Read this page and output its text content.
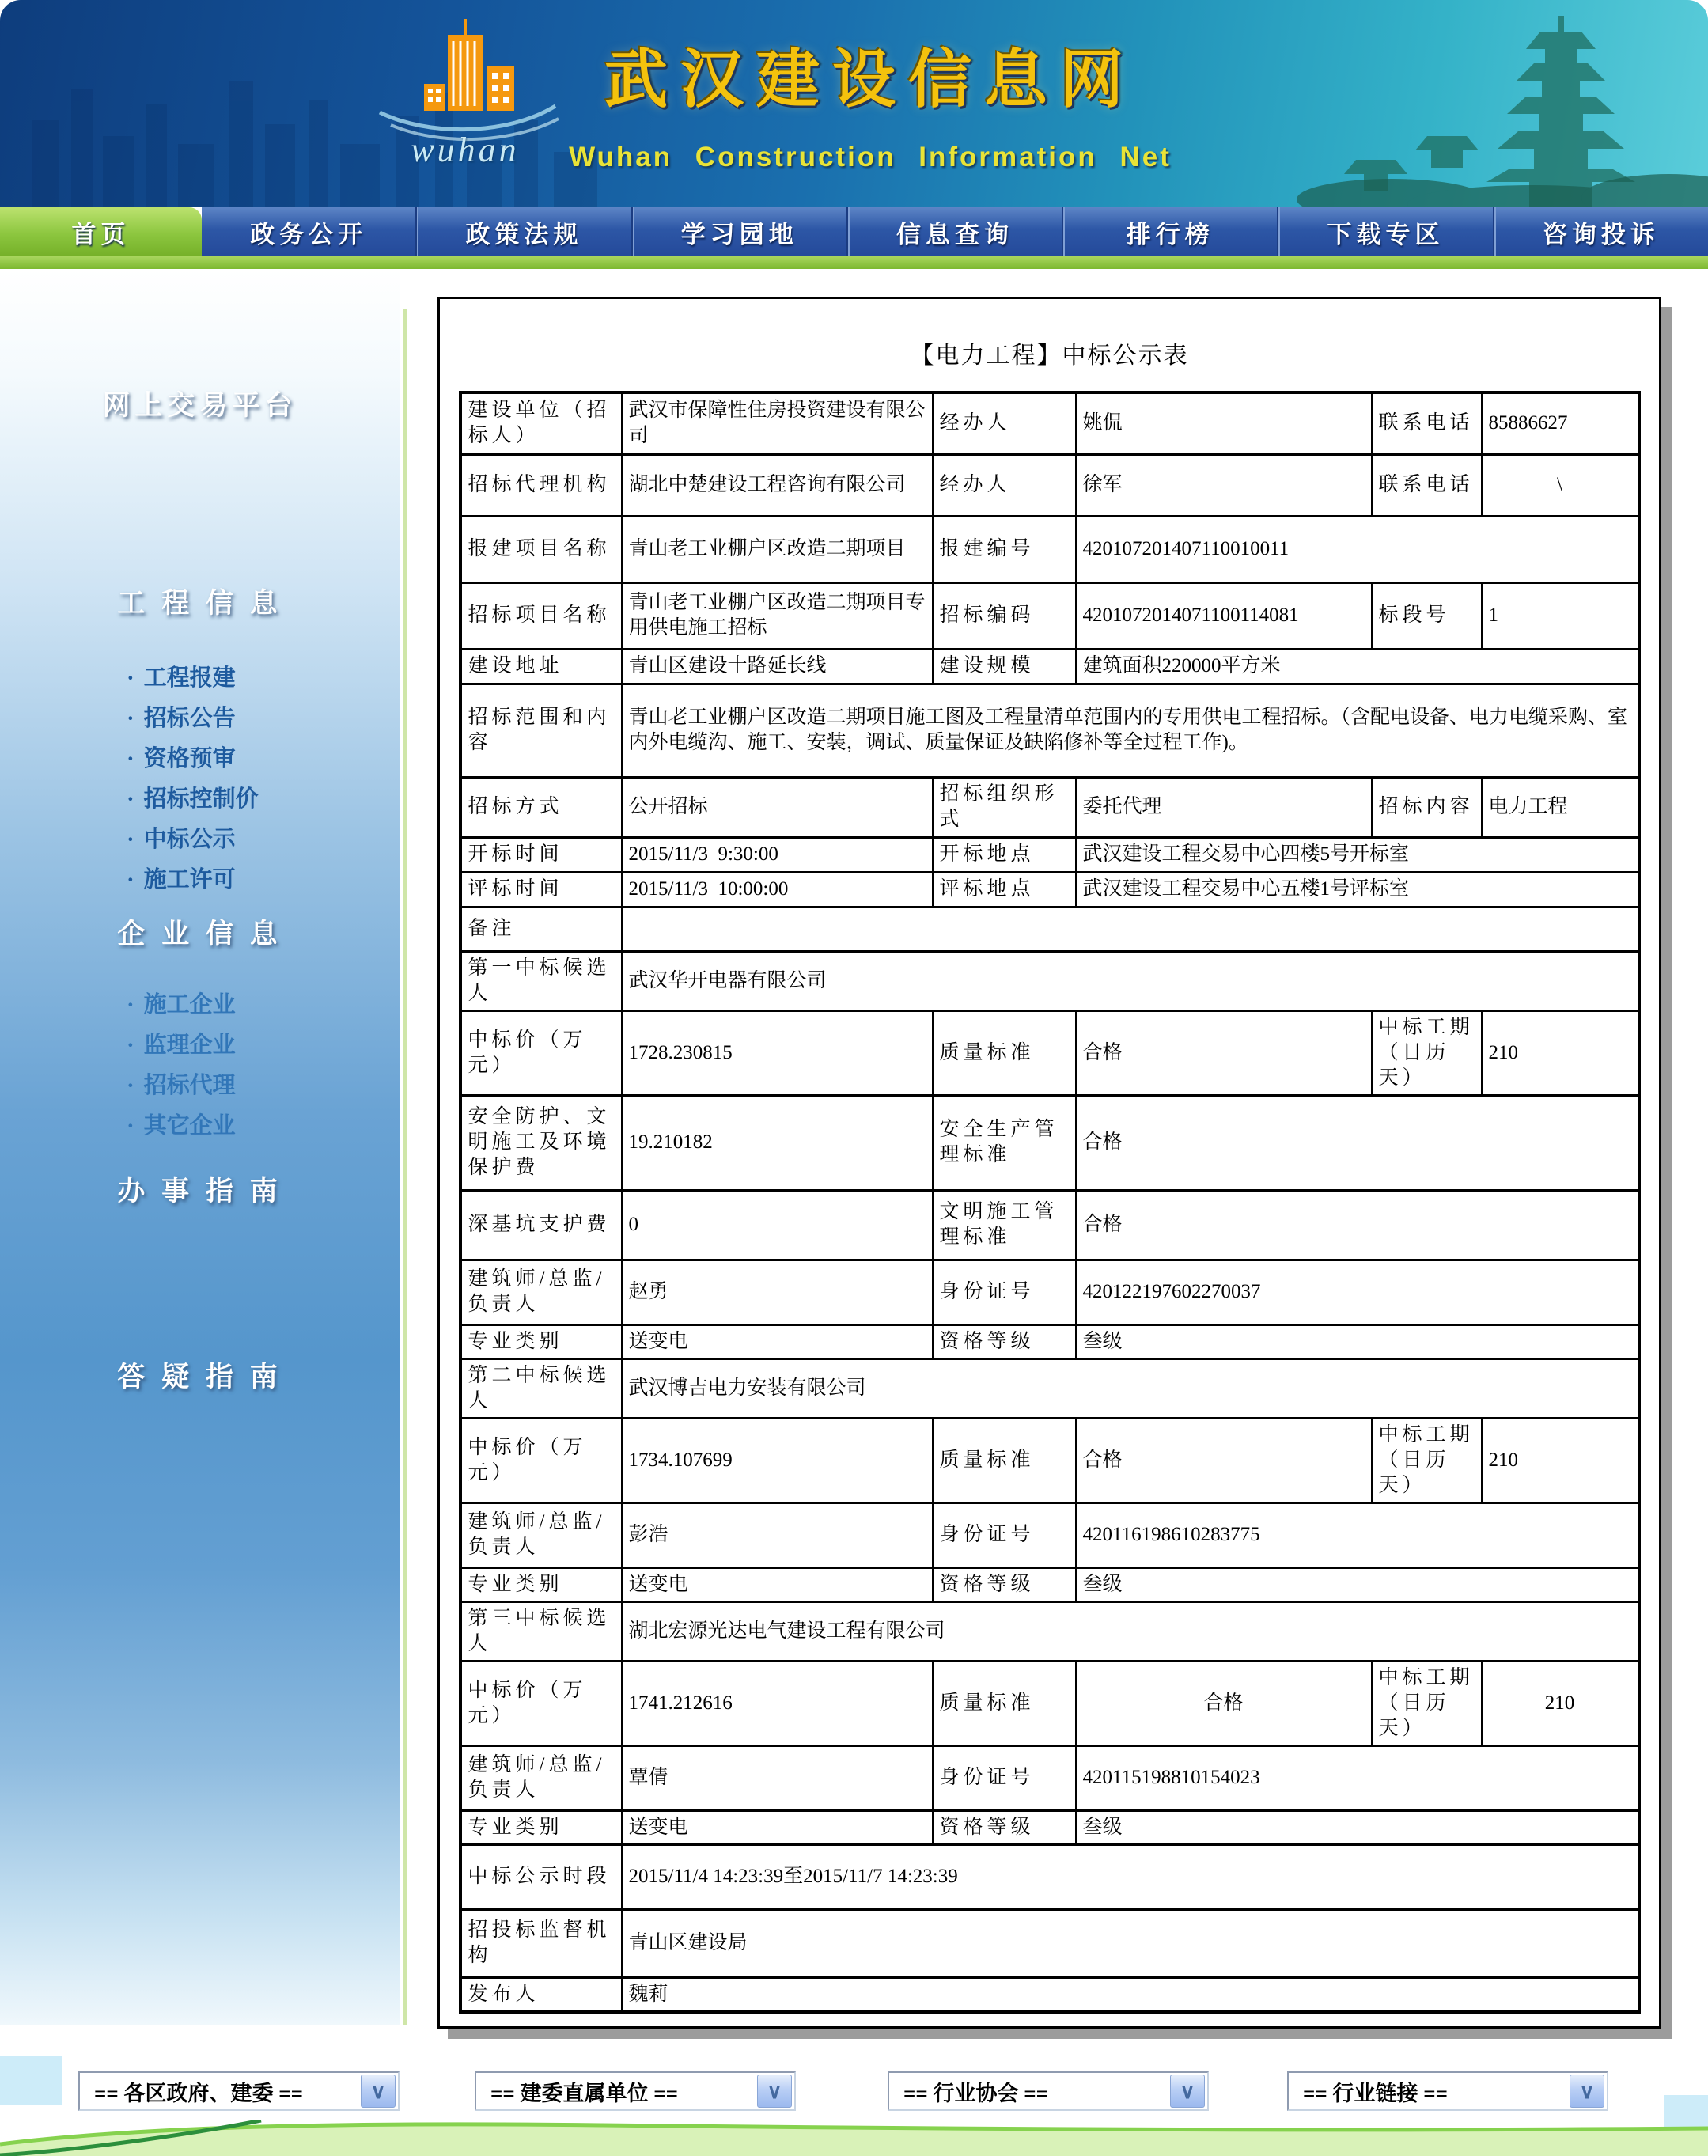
wuhan
武汉建设信息网
Wuhan Construction Information Net
首页	政务公开	政策法规	学习园地	信息查询	排行榜	下载专区	咨询投诉
网上交易平台
工 程 信 息
· 工程报建
· 招标公告
· 资格预审
· 招标控制价
· 中标公示
· 施工许可
企 业 信 息
· 施工企业
· 监理企业
· 招标代理
· 其它企业
办 事 指 南
答 疑 指 南
【电力工程】中标公示表
建设单位（招标人）	武汉市保障性住房投资建设有限公司	经办人	姚侃	联系电话	85886627
招标代理机构	湖北中楚建设工程咨询有限公司	经办人	徐军	联系电话	\
报建项目名称	青山老工业棚户区改造二期项目	报建编号	420107201407110010011		
招标项目名称	青山老工业棚户区改造二期项目专用供电施工招标	招标编码	4201072014071100114081	标段号	1
建设地址	青山区建设十路延长线	建设规模	建筑面积220000平方米		
招标范围和内容	青山老工业棚户区改造二期项目施工图及工程量清单范围内的专用供电工程招标。（含配电设备、电力电缆采购、室内外电缆沟、施工、安装，调试、质量保证及缺陷修补等全过程工作)。				
招标方式	公开招标	招标组织形式	委托代理	招标内容	电力工程
开标时间	2015/11/3  9:30:00	开标地点	武汉建设工程交易中心四楼5号开标室		
评标时间	2015/11/3  10:00:00	评标地点	武汉建设工程交易中心五楼1号评标室		
备注					
第一中标候选人	武汉华开电器有限公司				
中标价（万元）	1728.230815	质量标准	合格	中标工期（日历天）	210
安全防护、文明施工及环境保护费	19.210182	安全生产管理标准	合格		
深基坑支护费	0	文明施工管理标准	合格		
建筑师/总监/负责人	赵勇	身份证号	420122197602270037		
专业类别	送变电	资格等级	叁级		
第二中标候选人	武汉博吉电力安装有限公司				
中标价（万元）	1734.107699	质量标准	合格	中标工期（日历天）	210
建筑师/总监/负责人	彭浩	身份证号	420116198610283775		
专业类别	送变电	资格等级	叁级		
第三中标候选人	湖北宏源光达电气建设工程有限公司				
中标价（万元）	1741.212616	质量标准	合格	中标工期（日历天）	210
建筑师/总监/负责人	覃倩	身份证号	420115198810154023		
专业类别	送变电	资格等级	叁级		
中标公示时段	2015/11/4 14:23:39至2015/11/7 14:23:39				
招投标监督机构	青山区建设局				
发布人	魏莉				
== 各区政府、建委 ==	∨	== 建委直属单位 ==	∨	== 行业协会 ==	∨	== 行业链接 ==	∨
